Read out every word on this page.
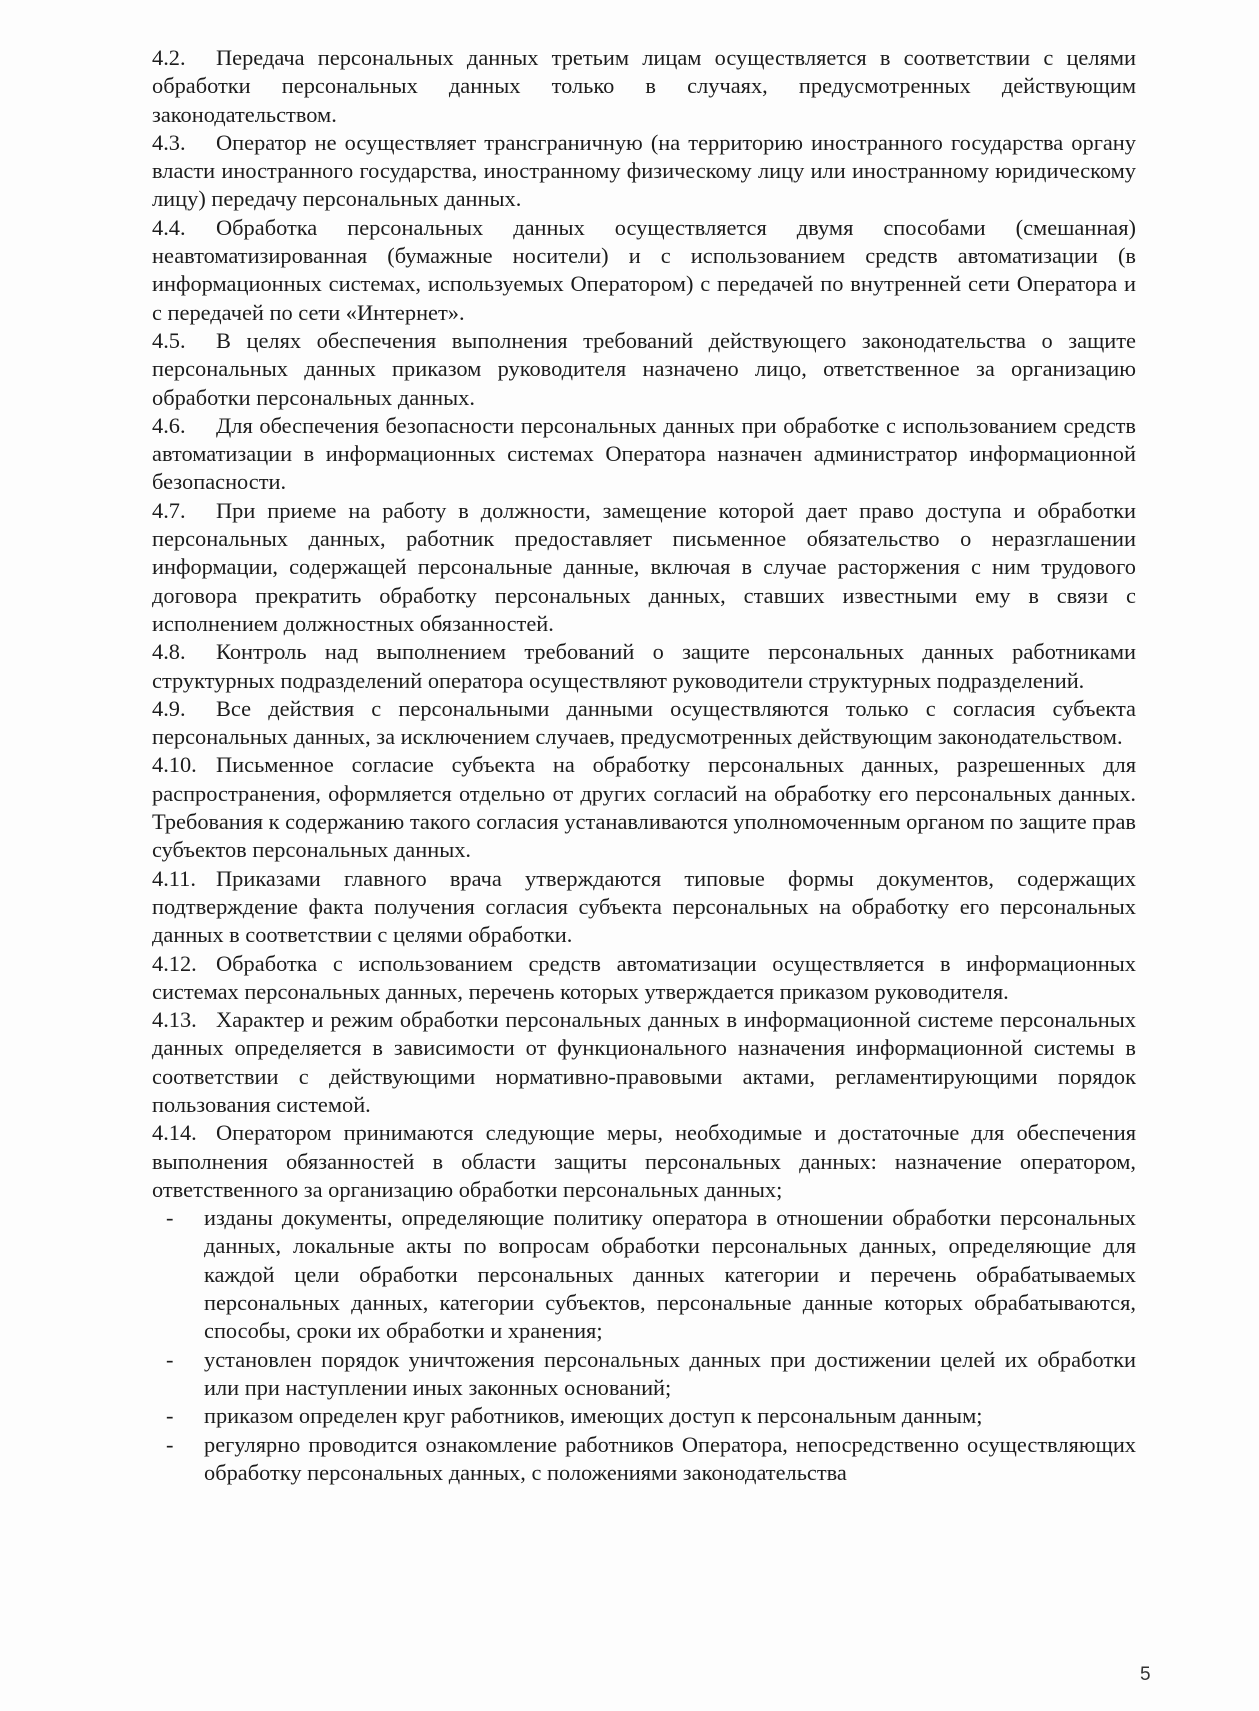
4.2. Передача персональных данных третьим лицам осуществляется в соответствии с целями обработки персональных данных только в случаях, предусмотренных действующим законодательством.

4.3. Оператор не осуществляет трансграничную (на территорию иностранного государства органу власти иностранного государства, иностранному физическому лицу или иностранному юридическому лицу) передачу персональных данных.

4.4. Обработка персональных данных осуществляется двумя способами (смешанная) неавтоматизированная (бумажные носители) и с использованием средств автоматизации (в информационных системах, используемых Оператором) с передачей по внутренней сети Оператора и с передачей по сети «Интернет».

4.5. В целях обеспечения выполнения требований действующего законодательства о защите персональных данных приказом руководителя назначено лицо, ответственное за организацию обработки персональных данных.

4.6. Для обеспечения безопасности персональных данных при обработке с использованием средств автоматизации в информационных системах Оператора назначен администратор информационной безопасности.

4.7. При приеме на работу в должности, замещение которой дает право доступа и обработки персональных данных, работник предоставляет письменное обязательство о неразглашении информации, содержащей персональные данные, включая в случае расторжения с ним трудового договора прекратить обработку персональных данных, ставших известными ему в связи с исполнением должностных обязанностей.

4.8. Контроль над выполнением требований о защите персональных данных работниками структурных подразделений оператора осуществляют руководители структурных подразделений.

4.9. Все действия с персональными данными осуществляются только с согласия субъекта персональных данных, за исключением случаев, предусмотренных действующим законодательством.

4.10. Письменное согласие субъекта на обработку персональных данных, разрешенных для распространения, оформляется отдельно от других согласий на обработку его персональных данных. Требования к содержанию такого согласия устанавливаются уполномоченным органом по защите прав субъектов персональных данных.

4.11. Приказами главного врача утверждаются типовые формы документов, содержащих подтверждение факта получения согласия субъекта персональных на обработку его персональных данных в соответствии с целями обработки.

4.12. Обработка с использованием средств автоматизации осуществляется в информационных системах персональных данных, перечень которых утверждается приказом руководителя.

4.13. Характер и режим обработки персональных данных в информационной системе персональных данных определяется в зависимости от функционального назначения информационной системы в соответствии с действующими нормативно-правовыми актами, регламентирующими порядок пользования системой.

4.14. Оператором принимаются следующие меры, необходимые и достаточные для обеспечения выполнения обязанностей в области защиты персональных данных: назначение оператором, ответственного за организацию обработки персональных данных;

- изданы документы, определяющие политику оператора в отношении обработки персональных данных, локальные акты по вопросам обработки персональных данных, определяющие для каждой цели обработки персональных данных категории и перечень обрабатываемых персональных данных, категории субъектов, персональные данные которых обрабатываются, способы, сроки их обработки и хранения;
- установлен порядок уничтожения персональных данных при достижении целей их обработки или при наступлении иных законных оснований;
- приказом определен круг работников, имеющих доступ к персональным данным;
- регулярно проводится ознакомление работников Оператора, непосредственно осуществляющих обработку персональных данных, с положениями законодательства
5
